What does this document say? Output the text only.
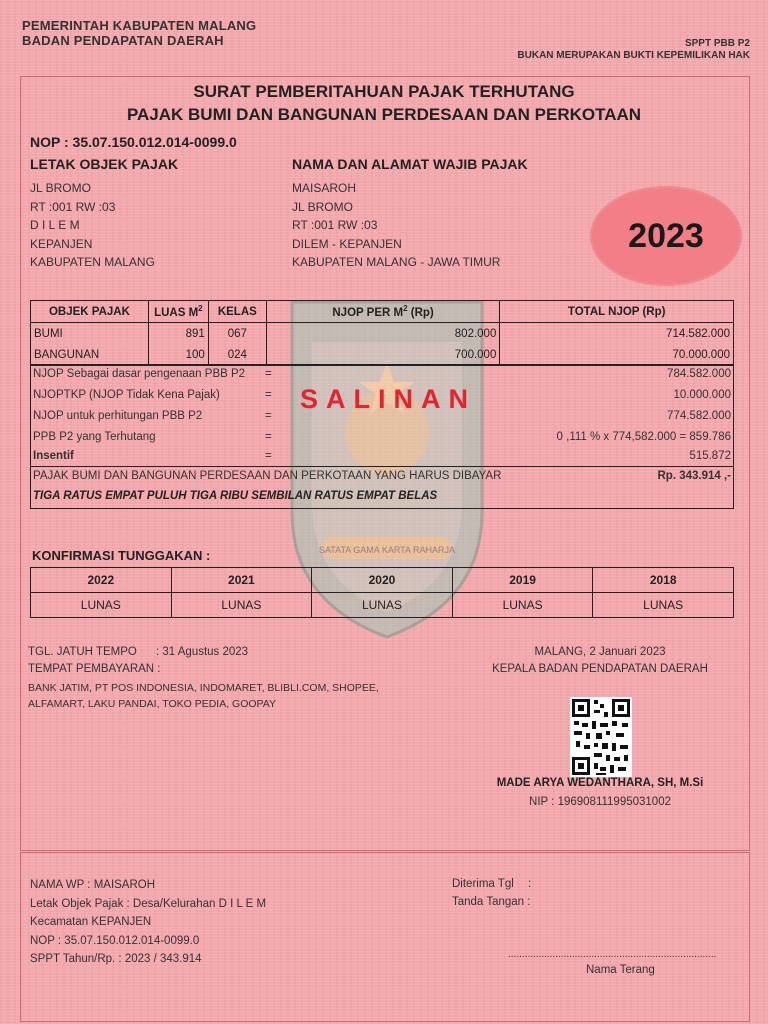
PEMERINTAH KABUPATEN MALANG
BADAN PENDAPATAN DAERAH	SPPT PBB P2
BUKAN MERUPAKAN BUKTI KEPEMILIKAN HAK
SATATA GAMA KARTA RAHARJA
SURAT PEMBERITAHUAN PAJAK TERHUTANG
PAJAK BUMI DAN BANGUNAN PERDESAAN DAN PERKOTAAN
NOP : 35.07.150.012.014-0099.0
LETAK OBJEK PAJAK
JL BROMO
RT :001 RW :03
D I L E M
KEPANJEN
KABUPATEN MALANG
NAMA DAN ALAMAT WAJIB PAJAK
MAISAROH
JL BROMO
RT :001 RW :03
DILEM - KEPANJEN
KABUPATEN MALANG - JAWA TIMUR
2023
OBJEK PAJAK	LUAS $M^2$	KELAS	NJOP PER $M^2$ (Rp)	TOTAL NJOP (Rp)
BUMI	891	067	802.000	714.582.000
BANGUNAN	100	024	700.000	70.000.000
NJOP Sebagai dasar pengenaan PBB P2 =	784.582.000
NJOPTKP (NJOP Tidak Kena Pajak)	=	10.000.000
NJOP untuk perhitungan PBB P2	=	774.582.000
PPB P2 yang Terhutang	=	0 ,111 % x 774,582.000 = 859.786
Insentif	=	515.872
PAJAK BUMI DAN BANGUNAN PERDESAAN DAN PERKOTAAN YANG HARUS DIBAYAR	Rp. 343.914 ,-
TIGA RATUS EMPAT PULUH TIGA RIBU SEMBILAN RATUS EMPAT BELAS
SALINAN
KONFIRMASI TUNGGAKAN :
2022	2021	2020	2019	2018
LUNAS	LUNAS	LUNAS	LUNAS	LUNAS
TGL. JATUH TEMPO : 31 Agustus 2023
TEMPAT PEMBAYARAN :
BANK JATIM, PT POS INDONESIA, INDOMARET, BLIBLI.COM, SHOPEE,
ALFAMART, LAKU PANDAI, TOKO PEDIA, GOOPAY
MALANG, 2 Januari 2023
KEPALA BADAN PENDAPATAN DAERAH
MADE ARYA WEDANTHARA, SH, M.Si
NIP : 196908111995031002
NAMA WP : MAISAROH
Letak Objek Pajak : Desa/Kelurahan D I L E M
Kecamatan KEPANJEN
NOP : 35.07.150.012.014-0099.0
SPPT Tahun/Rp. : 2023 / 343.914
Diterima Tgl :
Tanda Tangan :
...........................................................................
Nama Terang
